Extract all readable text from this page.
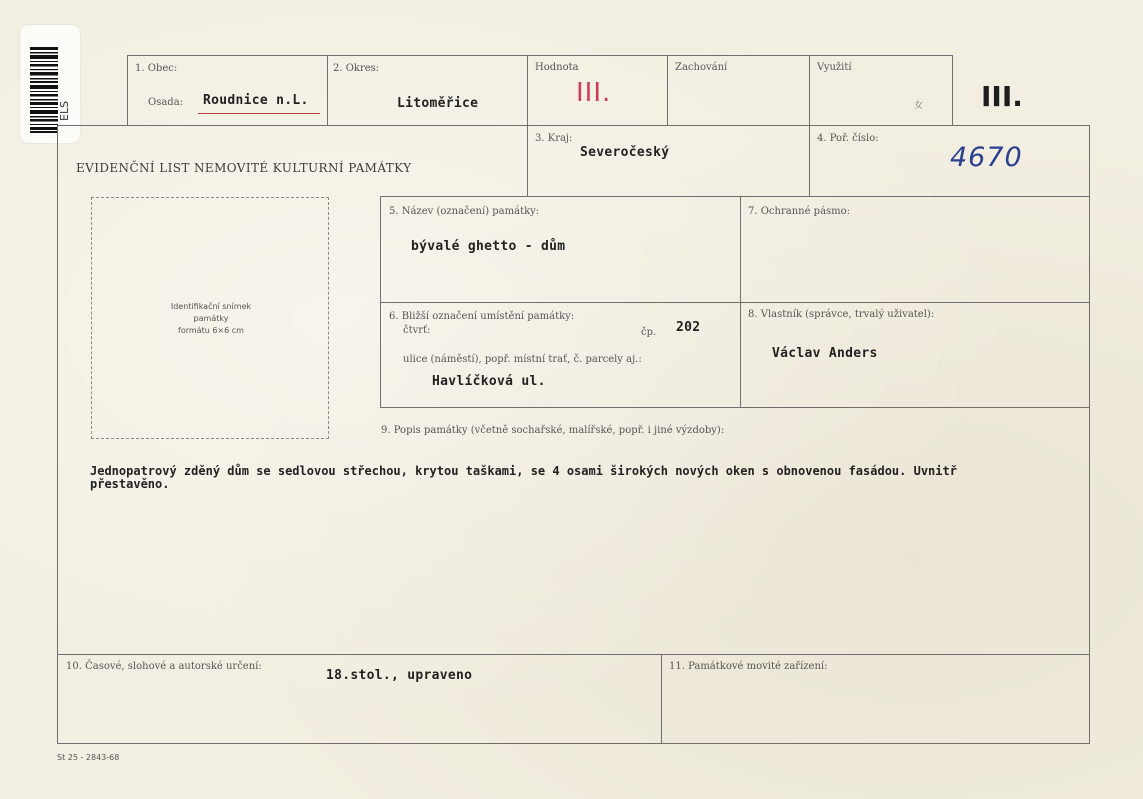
ELS
1. Obec:
Osada: Roudnice n.L.
2. Okres:
Litoměřice
Hodnota
III.
Zachování	Využití
⼥ III.
EVIDENČNÍ LIST NEMOVITÉ KULTURNÍ PAMÁTKY
3. Kraj:
Severočeský
4. Poř. číslo:
4670
Identifikační snímek
památky
formátu 6×6 cm
5. Název (označení) památky:
bývalé ghetto - dům
7. Ochranné pásmo:
6. Bližší označení umístění památky:
čtvrť:	čp. 202
ulice (náměstí), popř. místní trať, č. parcely aj.:
Havlíčková ul.
8. Vlastník (správce, trvalý uživatel):
Václav Anders
9. Popis památky (včetně sochařské, malířské, popř. i jiné výzdoby):
Jednopatrový zděný dům se sedlovou střechou, krytou taškami, se 4 osami širokých nových oken s obnovenou fasádou. Uvnitř
přestavěno.
10. Časové, slohové a autorské určení:
18.stol., upraveno
11. Památkové movité zařízení:
St 25 - 2843-68
